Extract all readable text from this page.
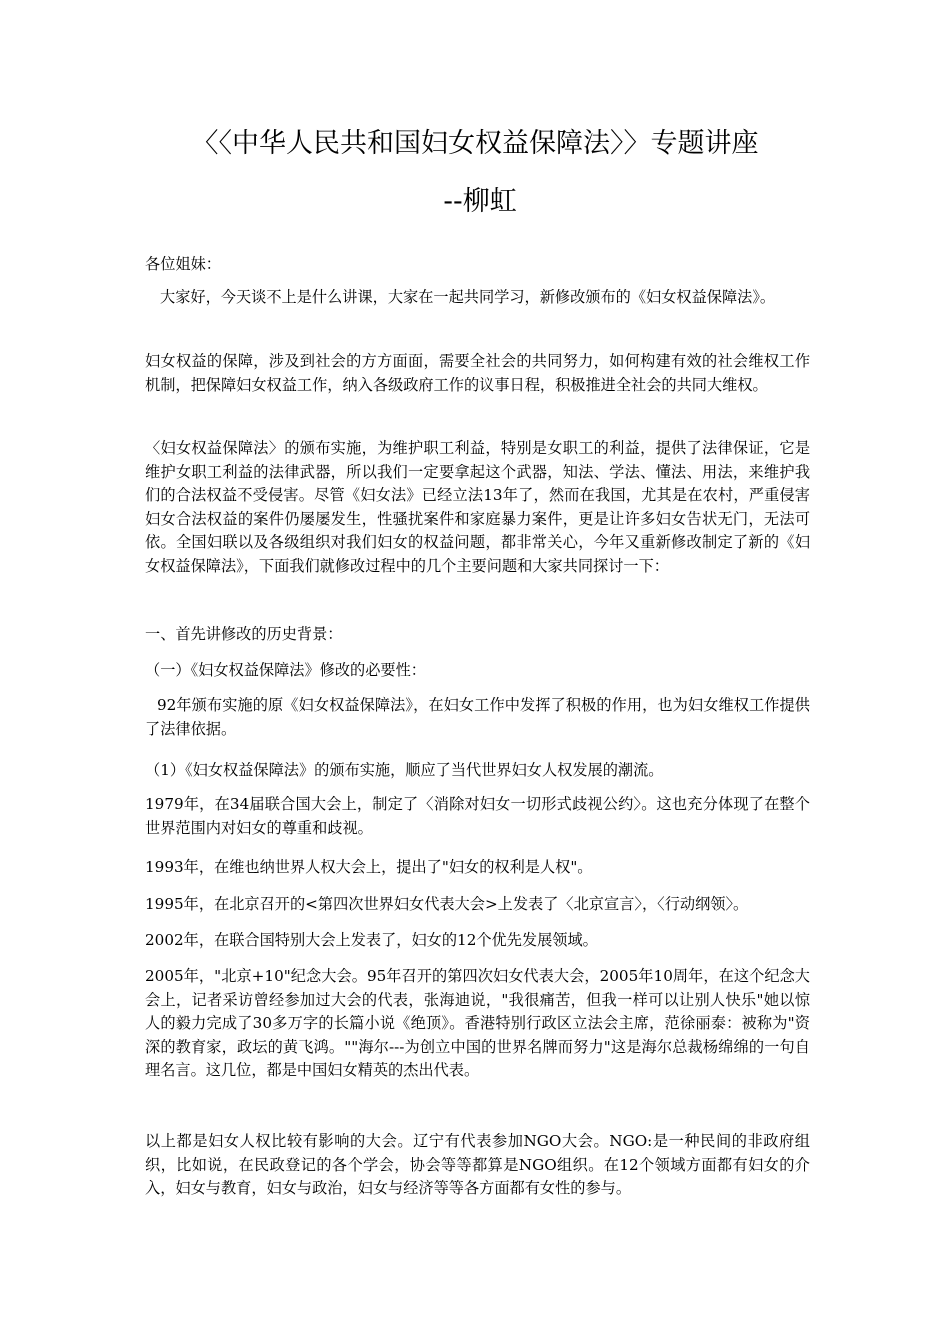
〈〈中华人民共和国妇女权益保障法〉〉专题讲座
--柳虹

各位姐妹：

大家好，今天谈不上是什么讲课，大家在一起共同学习，新修改颁布的《妇女权益保障法》。

妇女权益的保障，涉及到社会的方方面面，需要全社会的共同努力，如何构建有效的社会维权工作机制，把保障妇女权益工作，纳入各级政府工作的议事日程，积极推进全社会的共同大维权。

〈妇女权益保障法〉的颁布实施，为维护职工利益，特别是女职工的利益，提供了法律保证，它是维护女职工利益的法律武器，所以我们一定要拿起这个武器，知法、学法、懂法、用法，来维护我们的合法权益不受侵害。尽管《妇女法》已经立法13年了，然而在我国，尤其是在农村，严重侵害妇女合法权益的案件仍屡屡发生，性骚扰案件和家庭暴力案件，更是让许多妇女告状无门，无法可依。全国妇联以及各级组织对我们妇女的权益问题，都非常关心，今年又重新修改制定了新的《妇女权益保障法》，下面我们就修改过程中的几个主要问题和大家共同探讨一下：

一、首先讲修改的历史背景：

（一）《妇女权益保障法》修改的必要性：

92年颁布实施的原《妇女权益保障法》，在妇女工作中发挥了积极的作用，也为妇女维权工作提供了法律依据。

（1）《妇女权益保障法》的颁布实施，顺应了当代世界妇女人权发展的潮流。

1979年，在34届联合国大会上，制定了〈消除对妇女一切形式歧视公约〉。这也充分体现了在整个世界范围内对妇女的尊重和歧视。

1993年，在维也纳世界人权大会上，提出了"妇女的权利是人权"。

1995年，在北京召开的<第四次世界妇女代表大会>上发表了〈北京宣言〉，〈行动纲领〉。

2002年，在联合国特别大会上发表了，妇女的12个优先发展领域。

2005年，"北京+10"纪念大会。95年召开的第四次妇女代表大会，2005年10周年，在这个纪念大会上，记者采访曾经参加过大会的代表，张海迪说，"我很痛苦，但我一样可以让别人快乐"她以惊人的毅力完成了30多万字的长篇小说《绝顶》。香港特别行政区立法会主席，范徐丽泰：被称为"资深的教育家，政坛的黄飞鸿。""海尔---为创立中国的世界名牌而努力"这是海尔总裁杨绵绵的一句自理名言。这几位，都是中国妇女精英的杰出代表。

以上都是妇女人权比较有影响的大会。辽宁有代表参加NGO大会。NGO:是一种民间的非政府组织，比如说，在民政登记的各个学会，协会等等都算是NGO组织。在12个领域方面都有妇女的介入，妇女与教育，妇女与政治，妇女与经济等等各方面都有女性的参与。
